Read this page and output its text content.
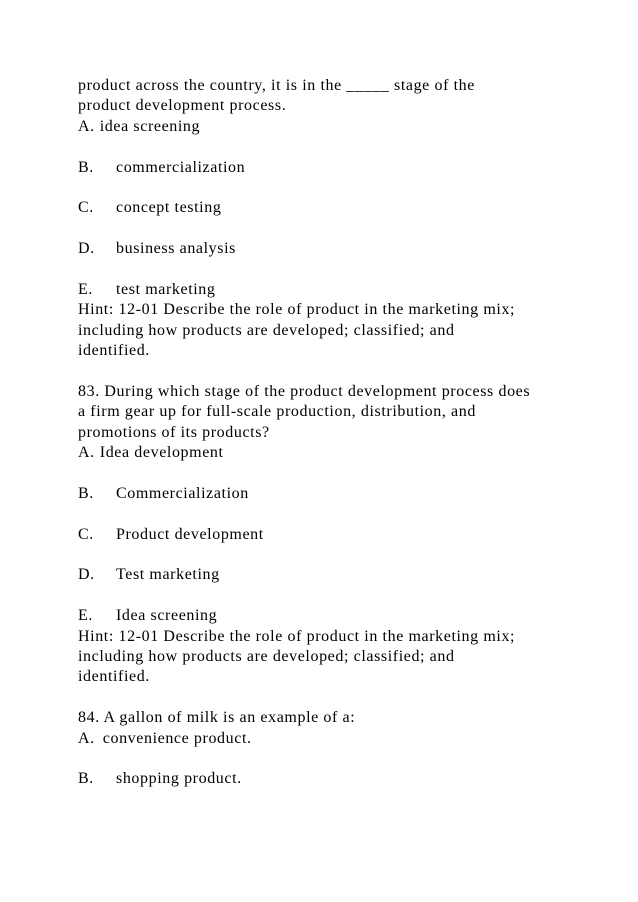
product across the country, it is in the _____ stage of the
product development process.
A. idea screening
B. commercialization
C. concept testing
D. business analysis
E. test marketing
Hint: 12-01 Describe the role of product in the marketing mix;
including how products are developed; classified; and
identified.
83. During which stage of the product development process does
a firm gear up for full-scale production, distribution, and
promotions of its products?
A. Idea development
B. Commercialization
C. Product development
D. Test marketing
E. Idea screening
Hint: 12-01 Describe the role of product in the marketing mix;
including how products are developed; classified; and
identified.
84. A gallon of milk is an example of a:
A. convenience product.
B. shopping product.
